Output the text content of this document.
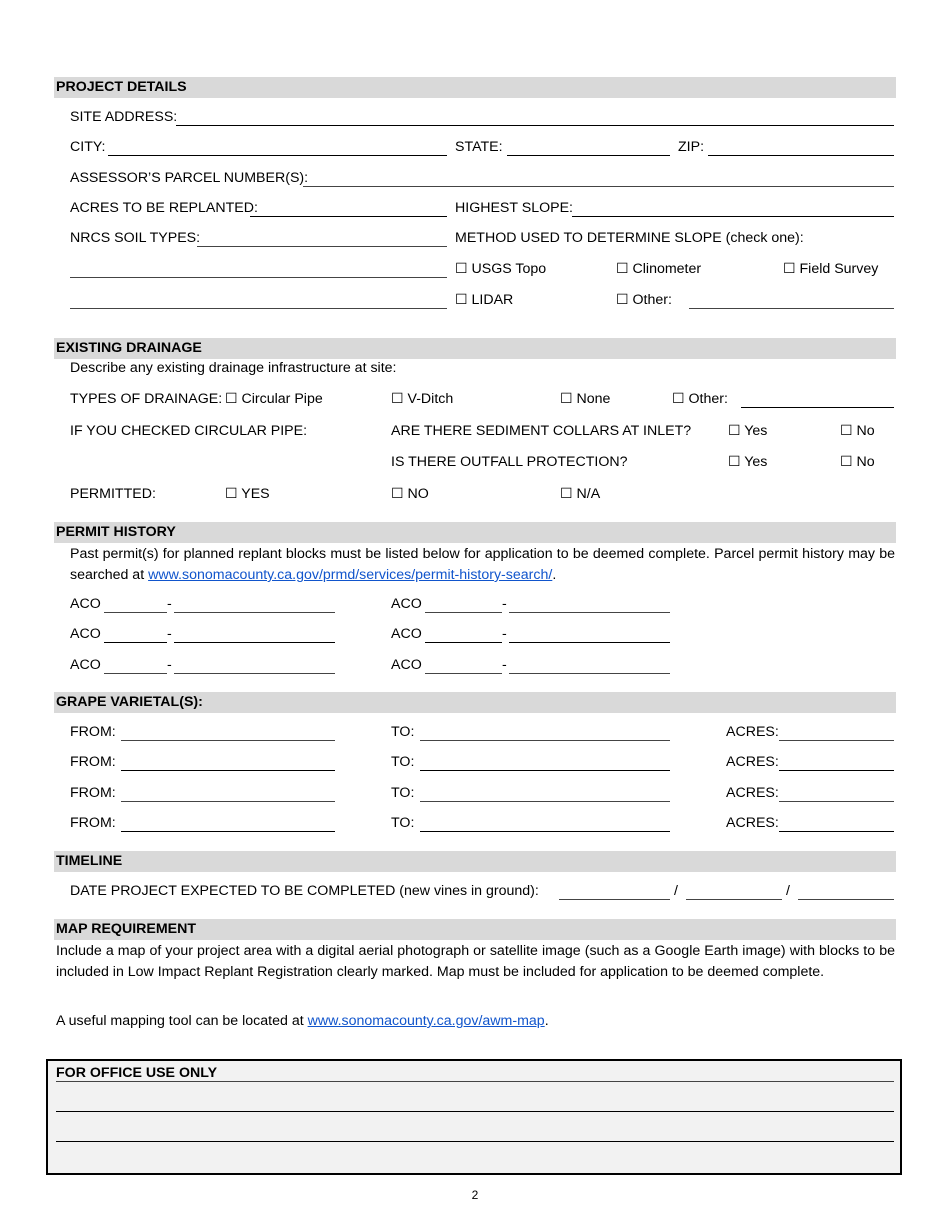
PROJECT DETAILS
SITE ADDRESS:
CITY:	STATE:	ZIP:
ASSESSOR’S PARCEL NUMBER(S):
ACRES TO BE REPLANTED:	HIGHEST SLOPE:
NRCS SOIL TYPES:	METHOD USED TO DETERMINE SLOPE (check one):
☐ USGS Topo	☐ Clinometer	☐ Field Survey
☐ LIDAR	☐ Other:
EXISTING DRAINAGE
Describe any existing drainage infrastructure at site:
TYPES OF DRAINAGE: ☐ Circular Pipe	☐ V-Ditch	☐ None	☐ Other:
IF YOU CHECKED CIRCULAR PIPE:	ARE THERE SEDIMENT COLLARS AT INLET?	☐ Yes	☐ No
IS THERE OUTFALL PROTECTION?	☐ Yes	☐ No
PERMITTED:	☐ YES	☐ NO	☐ N/A
PERMIT HISTORY
Past permit(s) for planned replant blocks must be listed below for application to be deemed complete. Parcel permit history may be searched at www.sonomacounty.ca.gov/prmd/services/permit-history-search/.
ACO	-	ACO	-
ACO	-	ACO	-
ACO	-	ACO	-
GRAPE VARIETAL(S):
FROM:	TO:	ACRES:
FROM:	TO:	ACRES:
FROM:	TO:	ACRES:
FROM:	TO:	ACRES:
TIMELINE
DATE PROJECT EXPECTED TO BE COMPLETED (new vines in ground):	/	/
MAP REQUIREMENT
Include a map of your project area with a digital aerial photograph or satellite image (such as a Google Earth image) with blocks to be included in Low Impact Replant Registration clearly marked. Map must be included for application to be deemed complete.
A useful mapping tool can be located at www.sonomacounty.ca.gov/awm-map.
FOR OFFICE USE ONLY
2
